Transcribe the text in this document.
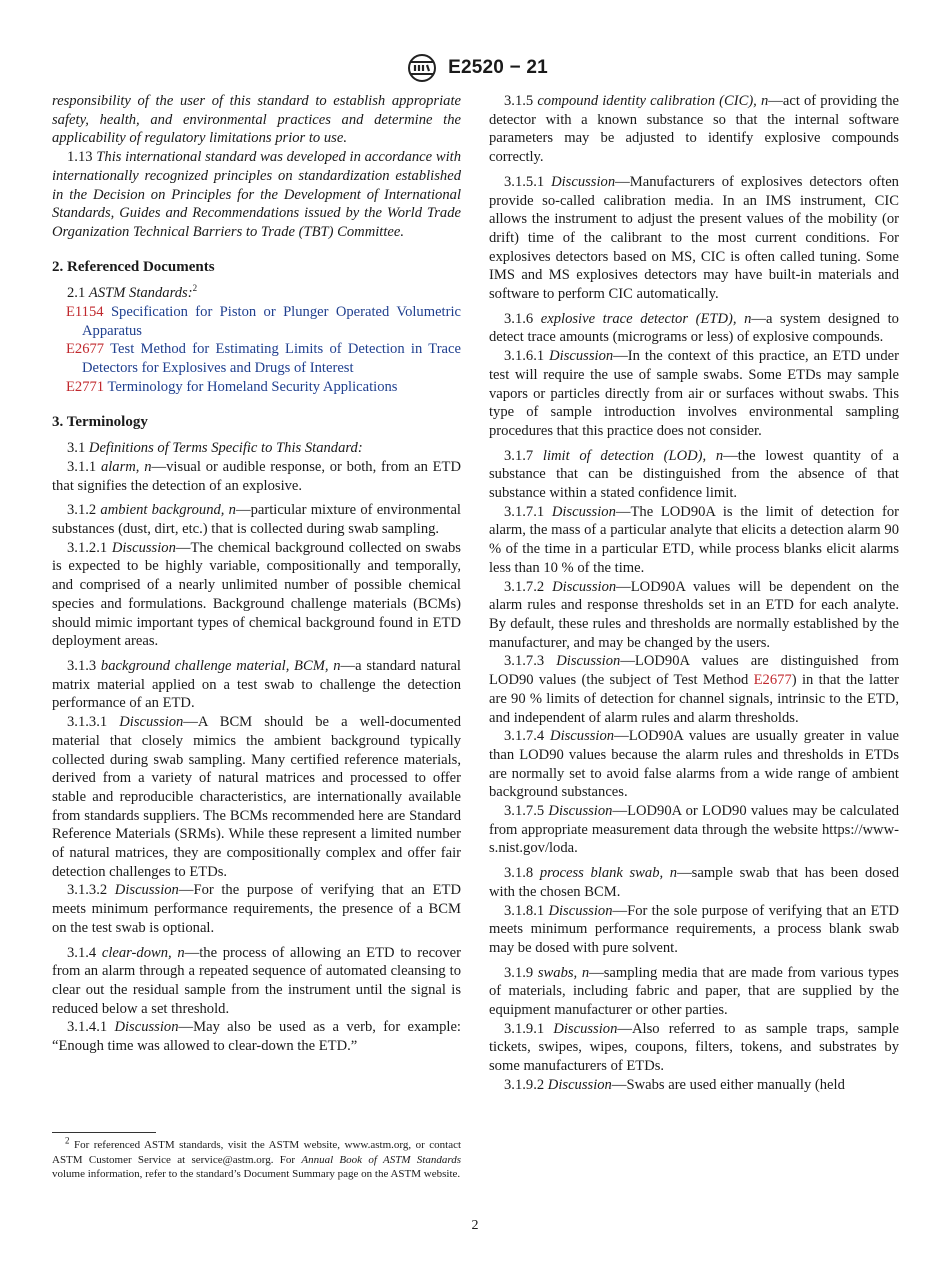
E2520 − 21

responsibility of the user of this standard to establish appropriate safety, health, and environmental practices and determine the applicability of regulatory limitations prior to use.

1.13 This international standard was developed in accordance with internationally recognized principles on standardization established in the Decision on Principles for the Development of International Standards, Guides and Recommendations issued by the World Trade Organization Technical Barriers to Trade (TBT) Committee.

2. Referenced Documents

2.1 ASTM Standards:$^2$

E1154 Specification for Piston or Plunger Operated Volumetric Apparatus

E2677 Test Method for Estimating Limits of Detection in Trace Detectors for Explosives and Drugs of Interest

E2771 Terminology for Homeland Security Applications

3. Terminology

3.1 Definitions of Terms Specific to This Standard:

3.1.1 alarm, n—visual or audible response, or both, from an ETD that signifies the detection of an explosive.

3.1.2 ambient background, n—particular mixture of environmental substances (dust, dirt, etc.) that is collected during swab sampling.

3.1.2.1 Discussion—The chemical background collected on swabs is expected to be highly variable, compositionally and temporally, and comprised of a nearly unlimited number of possible chemical species and formulations. Background challenge materials (BCMs) should mimic important types of chemical background found in ETD deployment areas.

3.1.3 background challenge material, BCM, n—a standard natural matrix material applied on a test swab to challenge the detection performance of an ETD.

3.1.3.1 Discussion—A BCM should be a well-documented material that closely mimics the ambient background typically collected during swab sampling. Many certified reference materials, derived from a variety of natural matrices and processed to offer stable and reproducible characteristics, are internationally available from standards suppliers. The BCMs recommended here are Standard Reference Materials (SRMs). While these represent a limited number of natural matrices, they are compositionally complex and offer fair detection challenges to ETDs.

3.1.3.2 Discussion—For the purpose of verifying that an ETD meets minimum performance requirements, the presence of a BCM on the test swab is optional.

3.1.4 clear-down, n—the process of allowing an ETD to recover from an alarm through a repeated sequence of automated cleansing to clear out the residual sample from the instrument until the signal is reduced below a set threshold.

3.1.4.1 Discussion—May also be used as a verb, for example: “Enough time was allowed to clear-down the ETD.”

3.1.5 compound identity calibration (CIC), n—act of providing the detector with a known substance so that the internal software parameters may be adjusted to identify explosive compounds correctly.

3.1.5.1 Discussion—Manufacturers of explosives detectors often provide so-called calibration media. In an IMS instrument, CIC allows the instrument to adjust the present values of the mobility (or drift) time of the calibrant to the most current conditions. For explosives detectors based on MS, CIC is often called tuning. Some IMS and MS explosives detectors may have built-in materials and software to perform CIC automatically.

3.1.6 explosive trace detector (ETD), n—a system designed to detect trace amounts (micrograms or less) of explosive compounds.

3.1.6.1 Discussion—In the context of this practice, an ETD under test will require the use of sample swabs. Some ETDs may sample vapors or particles directly from air or surfaces without swabs. This type of sample introduction involves environmental sampling procedures that this practice does not consider.

3.1.7 limit of detection (LOD), n—the lowest quantity of a substance that can be distinguished from the absence of that substance within a stated confidence limit.

3.1.7.1 Discussion—The LOD90A is the limit of detection for alarm, the mass of a particular analyte that elicits a detection alarm 90 % of the time in a particular ETD, while process blanks elicit alarms less than 10 % of the time.

3.1.7.2 Discussion—LOD90A values will be dependent on the alarm rules and response thresholds set in an ETD for each analyte. By default, these rules and thresholds are normally established by the manufacturer, and may be changed by the users.

3.1.7.3 Discussion—LOD90A values are distinguished from LOD90 values (the subject of Test Method E2677) in that the latter are 90 % limits of detection for channel signals, intrinsic to the ETD, and independent of alarm rules and alarm thresholds.

3.1.7.4 Discussion—LOD90A values are usually greater in value than LOD90 values because the alarm rules and thresholds in ETDs are normally set to avoid false alarms from a wide range of ambient background substances.

3.1.7.5 Discussion—LOD90A or LOD90 values may be calculated from appropriate measurement data through the website https://www-s.nist.gov/loda.

3.1.8 process blank swab, n—sample swab that has been dosed with the chosen BCM.

3.1.8.1 Discussion—For the sole purpose of verifying that an ETD meets minimum performance requirements, a process blank swab may be dosed with pure solvent.

3.1.9 swabs, n—sampling media that are made from various types of materials, including fabric and paper, that are supplied by the equipment manufacturer or other parties.

3.1.9.1 Discussion—Also referred to as sample traps, sample tickets, swipes, wipes, coupons, filters, tokens, and substrates by some manufacturers of ETDs.

3.1.9.2 Discussion—Swabs are used either manually (held

$^2$ For referenced ASTM standards, visit the ASTM website, www.astm.org, or contact ASTM Customer Service at service@astm.org. For Annual Book of ASTM Standards volume information, refer to the standard’s Document Summary page on the ASTM website.
2
